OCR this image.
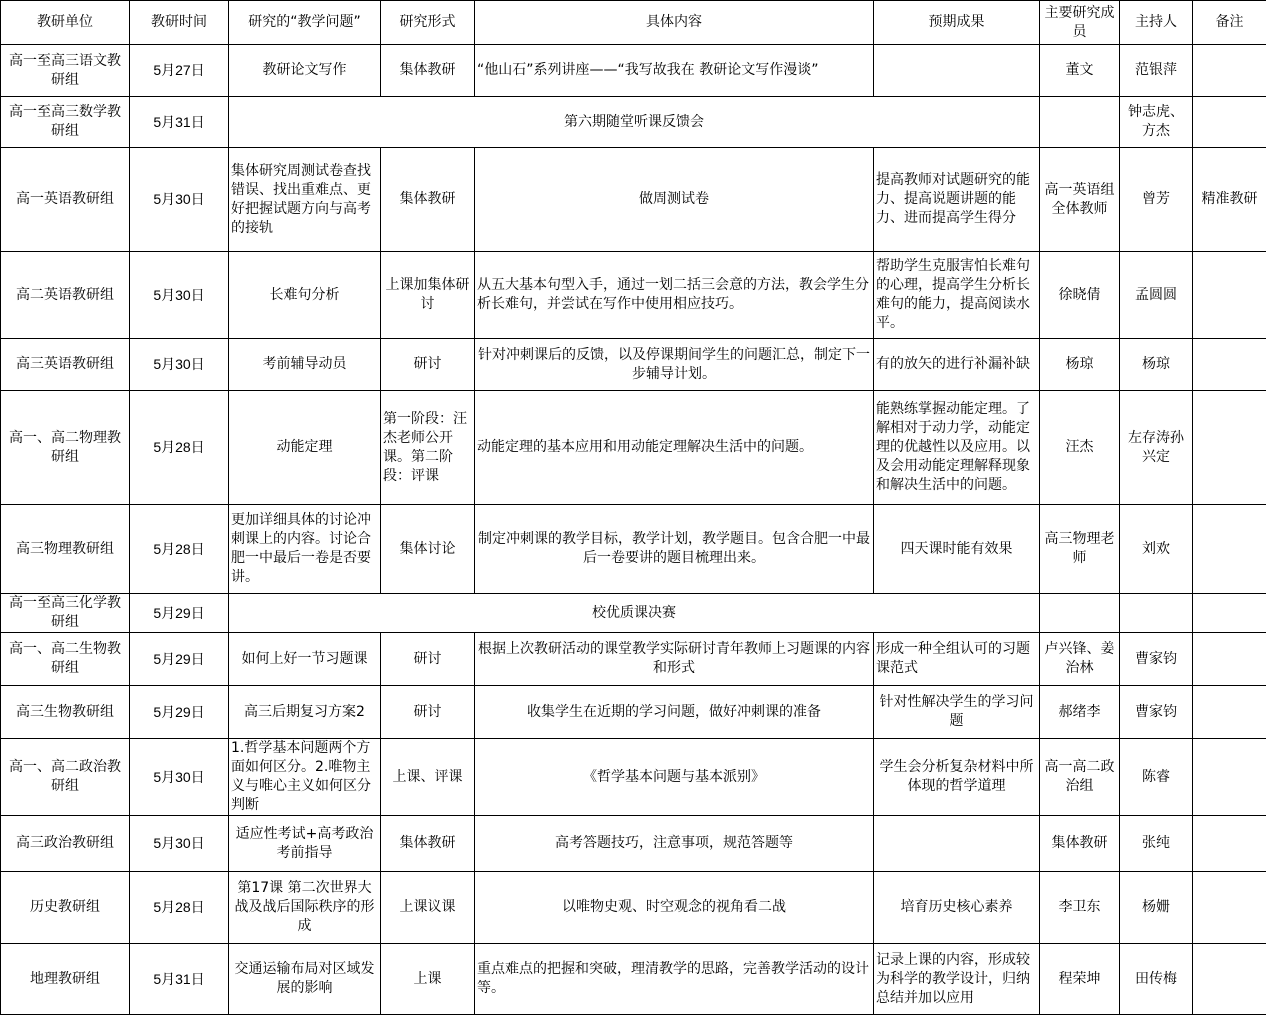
教研单位	教研时间	研究的“教学问题”	研究形式	具体内容	预期成果	主要研究成员	主持人	备注
高一至高三语文教研组	5月27日	教研论文写作	集体教研	“他山石”系列讲座——“我写故我在 教研论文写作漫谈”		董文	范银萍	
高一至高三数学教研组	5月31日	第六期随堂听课反馈会					钟志虎、方杰	
高一英语教研组	5月30日	集体研究周测试卷查找错误、找出重难点、更好把握试题方向与高考的接轨	集体教研	做周测试卷	提高教师对试题研究的能力、提高说题讲题的能力、进而提高学生得分	高一英语组全体教师	曾芳	精准教研
高二英语教研组	5月30日	长难句分析	上课加集体研讨	从五大基本句型入手，通过一划二括三会意的方法，教会学生分析长难句，并尝试在写作中使用相应技巧。	帮助学生克服害怕长难句的心理，提高学生分析长难句的能力，提高阅读水平。	徐晓倩	孟圆圆	
高三英语教研组	5月30日	考前辅导动员	研讨	针对冲刺课后的反馈，以及停课期间学生的问题汇总，制定下一步辅导计划。	有的放矢的进行补漏补缺	杨琼	杨琼	
高一、高二物理教研组	5月28日	动能定理	第一阶段：汪杰老师公开课。第二阶段：评课	动能定理的基本应用和用动能定理解决生活中的问题。	能熟练掌握动能定理。了解相对于动力学，动能定理的优越性以及应用。以及会用动能定理解释现象和解决生活中的问题。	汪杰	左存涛孙兴定	
高三物理教研组	5月28日	更加详细具体的讨论冲刺课上的内容。讨论合肥一中最后一卷是否要讲。	集体讨论	制定冲刺课的教学目标，教学计划，教学题目。包含合肥一中最后一卷要讲的题目梳理出来。	四天课时能有效果	高三物理老师	刘欢	
高一至高三化学教研组	5月29日	校优质课决赛						
高一、高二生物教研组	5月29日	如何上好一节习题课	研讨	根据上次教研活动的课堂教学实际研讨青年教师上习题课的内容和形式	形成一种全组认可的习题课范式	卢兴锋、姜治林	曹家钧	
高三生物教研组	5月29日	高三后期复习方案2	研讨	收集学生在近期的学习问题，做好冲刺课的准备	针对性解决学生的学习问题	郝绪李	曹家钧	
高一、高二政治教研组	5月30日	1.哲学基本问题两个方面如何区分。2.唯物主义与唯心主义如何区分判断	上课、评课	《哲学基本问题与基本派别》	学生会分析复杂材料中所体现的哲学道理	高一高二政治组	陈睿	
高三政治教研组	5月30日	适应性考试+高考政治考前指导	集体教研	高考答题技巧，注意事项，规范答题等		集体教研	张纯	
历史教研组	5月28日	第17课 第二次世界大战及战后国际秩序的形成	上课议课	以唯物史观、时空观念的视角看二战	培育历史核心素养	李卫东	杨姗	
地理教研组	5月31日	交通运输布局对区域发展的影响	上课	重点难点的把握和突破，理清教学的思路，完善教学活动的设计等。	记录上课的内容，形成较为科学的教学设计，归纳总结并加以应用	程荣坤	田传梅	
